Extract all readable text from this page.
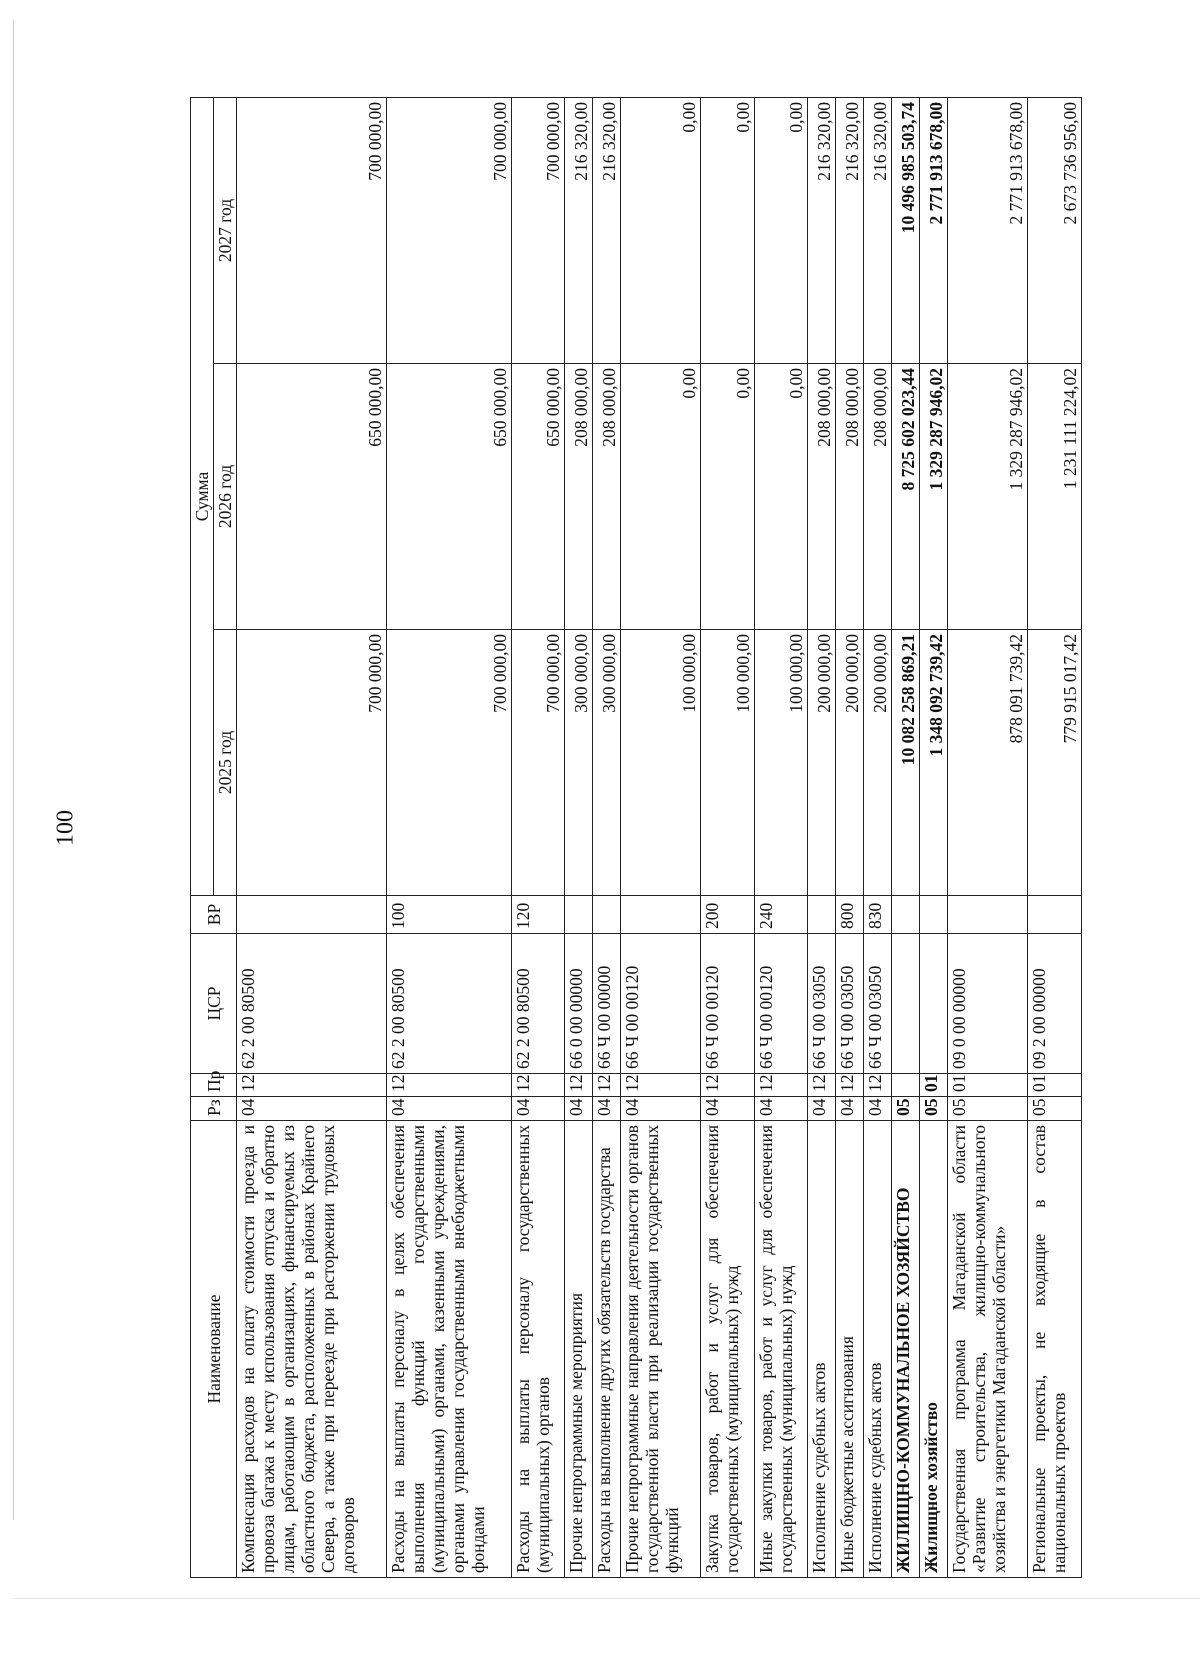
100
Наименование	Рз	Пр	ЦСР	ВР	Сумма		
					2025 год	2026 год	2027 год
Компенсация расходов на оплату стоимости проезда и провоза багажа к месту использования отпуска и обратно лицам, работающим в организациях, финансируемых из областного бюджета, расположенных в районах Крайнего Севера, а также при переезде при расторжении трудовых договоров	04	12	62 2 00 80500		700 000,00	650 000,00	700 000,00
Расходы на выплаты персоналу в целях обеспечения выполнения функций государственными (муниципальными) органами, казенными учреждениями, органами управления государственными внебюджетными фондами	04	12	62 2 00 80500	100	700 000,00	650 000,00	700 000,00
Расходы на выплаты персоналу государственных (муниципальных) органов	04	12	62 2 00 80500	120	700 000,00	650 000,00	700 000,00
Прочие непрограммные мероприятия	04	12	66 0 00 00000		300 000,00	208 000,00	216 320,00
Расходы на выполнение других обязательств государства	04	12	66 Ч 00 00000		300 000,00	208 000,00	216 320,00
Прочие непрограммные направления деятельности органов государственной власти при реализации государственных функций	04	12	66 Ч 00 00120		100 000,00	0,00	0,00
Закупка товаров, работ и услуг для обеспечения государственных (муниципальных) нужд	04	12	66 Ч 00 00120	200	100 000,00	0,00	0,00
Иные закупки товаров, работ и услуг для обеспечения государственных (муниципальных) нужд	04	12	66 Ч 00 00120	240	100 000,00	0,00	0,00
Исполнение судебных актов	04	12	66 Ч 00 03050		200 000,00	208 000,00	216 320,00
Иные бюджетные ассигнования	04	12	66 Ч 00 03050	800	200 000,00	208 000,00	216 320,00
Исполнение судебных актов	04	12	66 Ч 00 03050	830	200 000,00	208 000,00	216 320,00
ЖИЛИЩНО-КОММУНАЛЬНОЕ ХОЗЯЙСТВО	05				10 082 258 869,21	8 725 602 023,44	10 496 985 503,74
Жилищное хозяйство	05	01			1 348 092 739,42	1 329 287 946,02	2 771 913 678,00
Государственная программа Магаданской области «Развитие строительства, жилищно-коммунального хозяйства и энергетики Магаданской области»	05	01	09 0 00 00000		878 091 739,42	1 329 287 946,02	2 771 913 678,00
Региональные проекты, не входящие в состав национальных проектов	05	01	09 2 00 00000		779 915 017,42	1 231 111 224,02	2 673 736 956,00
